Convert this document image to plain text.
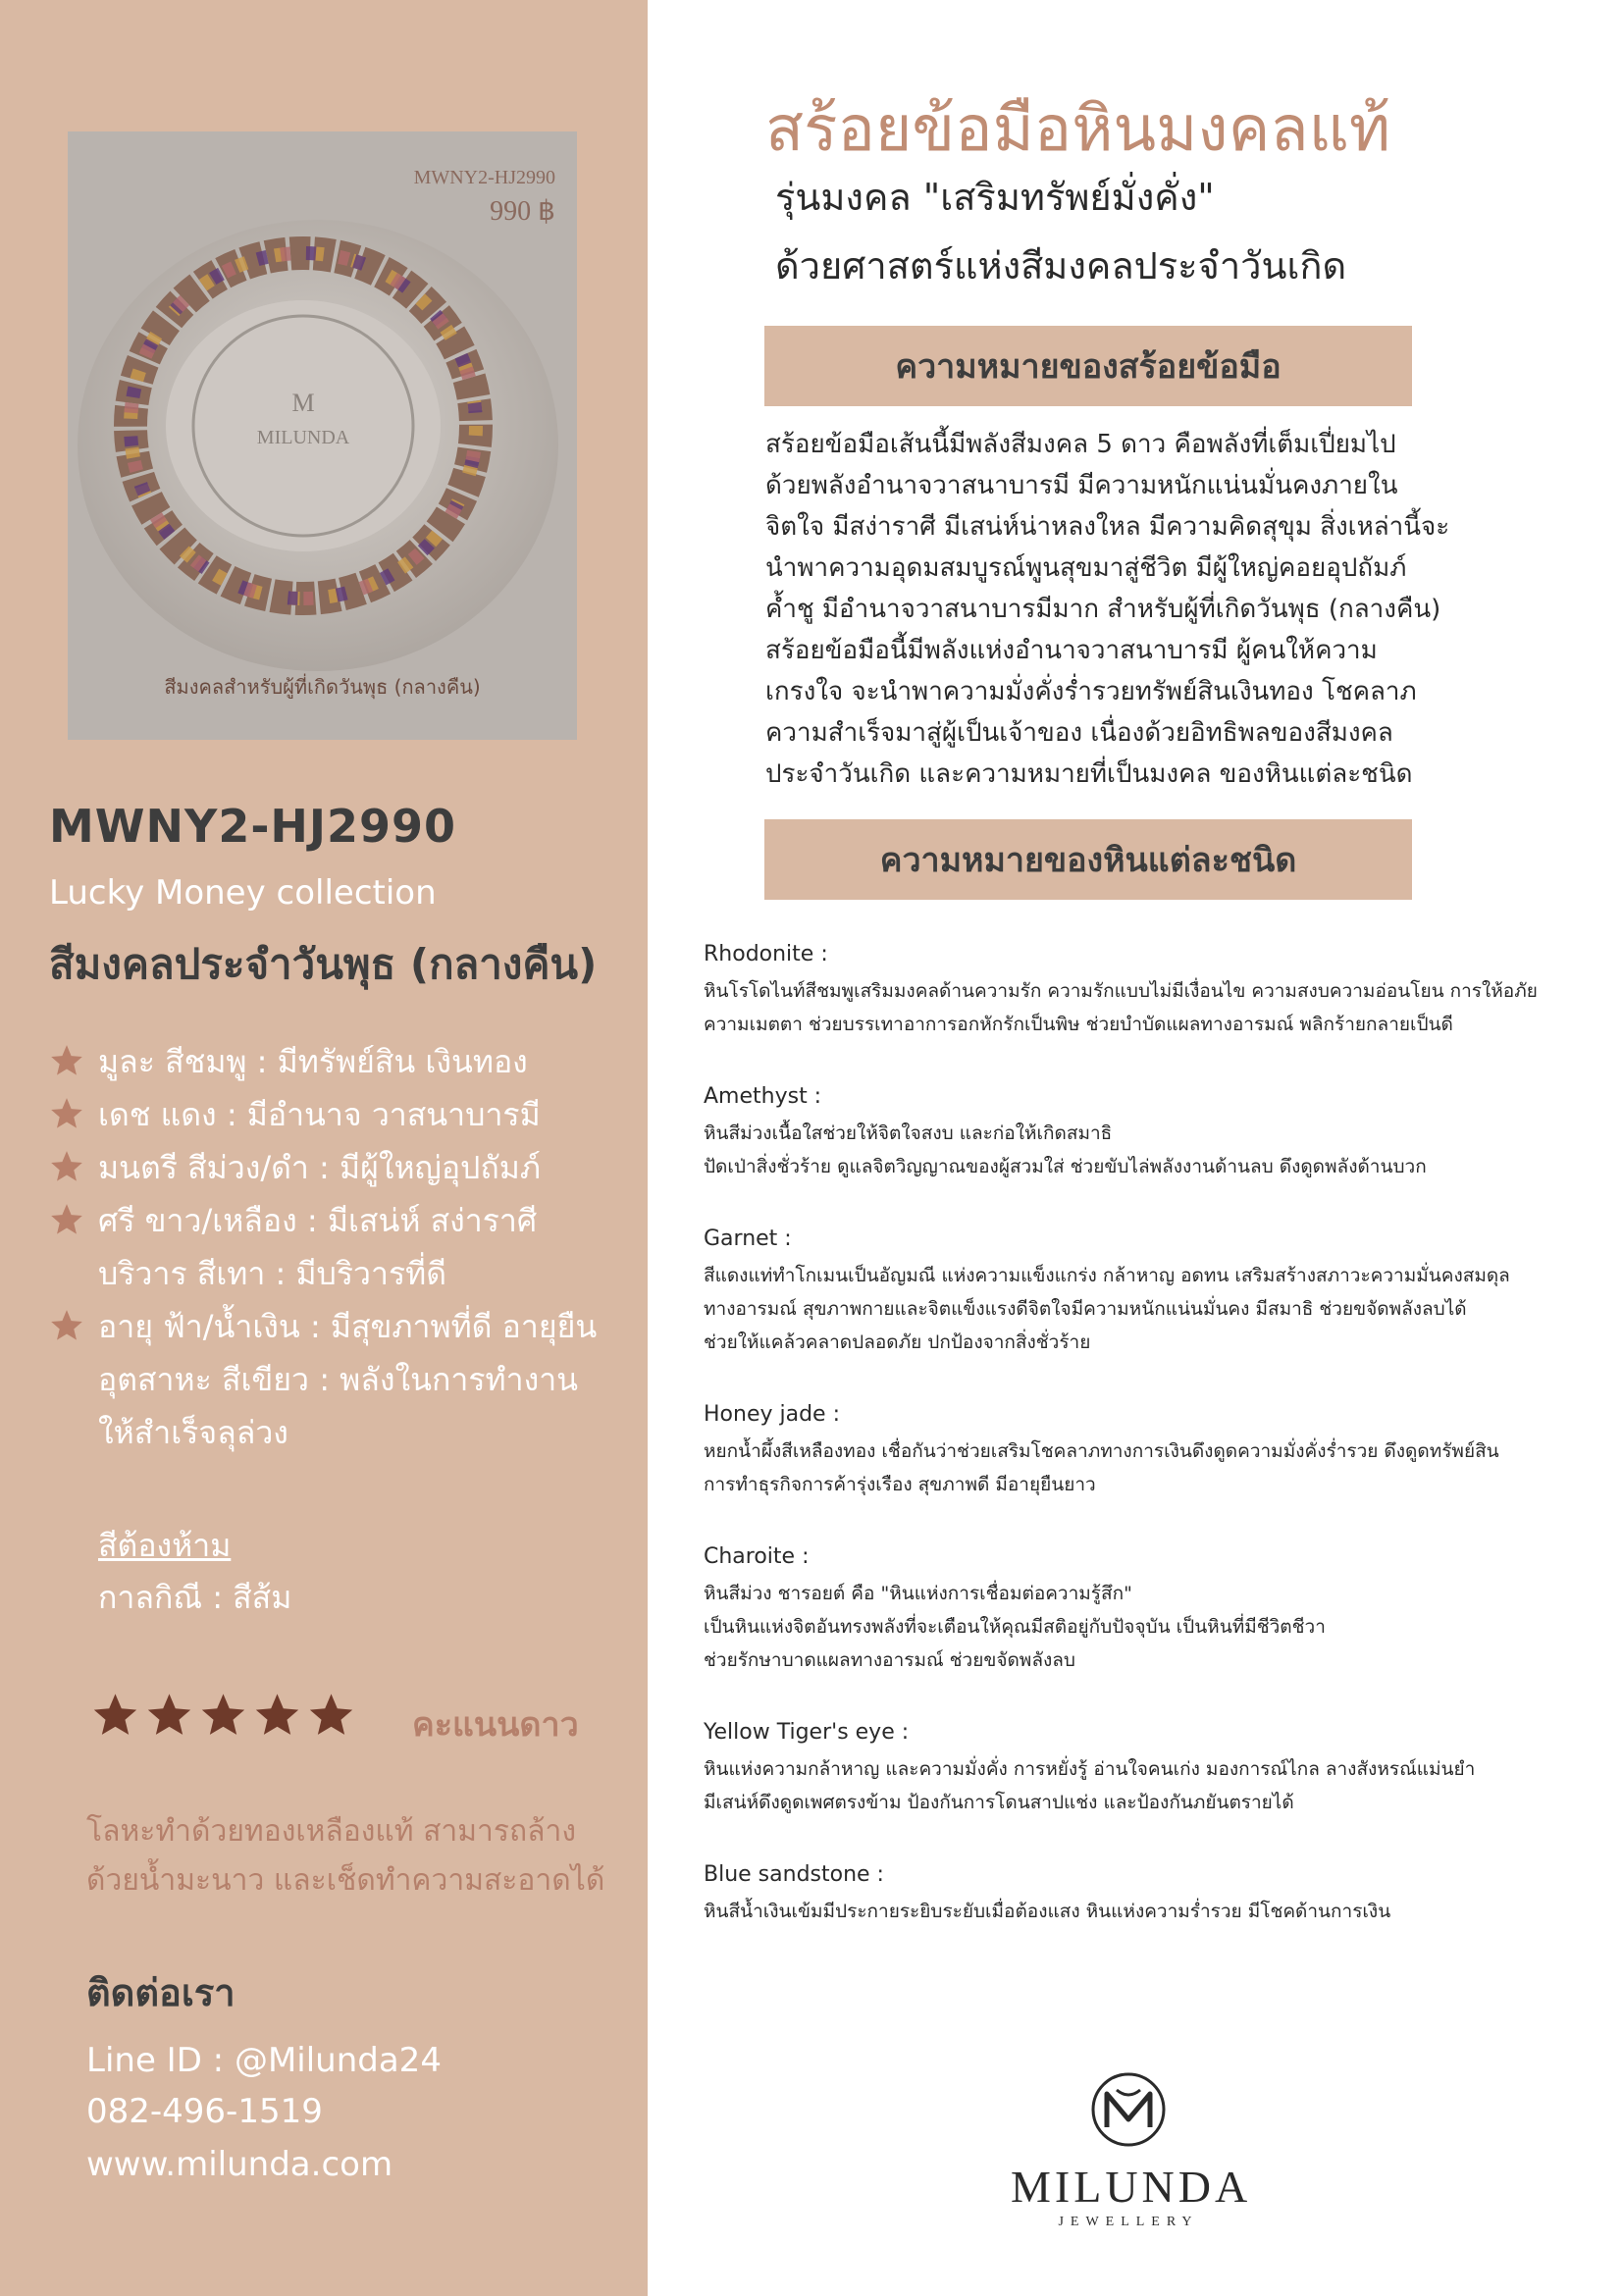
M
MILUNDA
MWNY2-HJ2990
990 ฿
สีมงคลสำหรับผู้ที่เกิดวันพุธ (กลางคืน)
MWNY2-HJ2990
Lucky Money collection
สีมงคลประจำวันพุธ (กลางคืน)
มูละ สีชมพู : มีทรัพย์สิน เงินทอง
เดช แดง : มีอำนาจ วาสนาบารมี
มนตรี สีม่วง/ดำ : มีผู้ใหญ่อุปถัมภ์
ศรี ขาว/เหลือง : มีเสน่ห์ สง่าราศี
บริวาร สีเทา : มีบริวารที่ดี
อายุ ฟ้า/น้ำเงิน : มีสุขภาพที่ดี อายุยืน
อุตสาหะ สีเขียว : พลังในการทำงาน
ให้สำเร็จลุล่วง
สีต้องห้าม
กาลกิณี : สีส้ม
คะแนนดาว
โลหะทำด้วยทองเหลืองแท้ สามารถล้าง
ด้วยน้ำมะนาว และเช็ดทำความสะอาดได้
ติดต่อเรา
Line ID : @Milunda24
082-496-1519
www.milunda.com
สร้อยข้อมือหินมงคลแท้
รุ่นมงคล "เสริมทรัพย์มั่งคั่ง"
ด้วยศาสตร์แห่งสีมงคลประจำวันเกิด
ความหมายของสร้อยข้อมือ
สร้อยข้อมือเส้นนี้มีพลังสีมงคล 5 ดาว คือพลังที่เต็มเปี่ยมไป
ด้วยพลังอำนาจวาสนาบารมี มีความหนักแน่นมั่นคงภายใน
จิตใจ มีสง่าราศี มีเสน่ห์น่าหลงใหล มีความคิดสุขุม สิ่งเหล่านี้จะ
นำพาความอุดมสมบูรณ์พูนสุขมาสู่ชีวิต มีผู้ใหญ่คอยอุปถัมภ์
ค้ำชู มีอำนาจวาสนาบารมีมาก สำหรับผู้ที่เกิดวันพุธ (กลางคืน)
สร้อยข้อมือนี้มีพลังแห่งอำนาจวาสนาบารมี ผู้คนให้ความ
เกรงใจ จะนำพาความมั่งคั่งร่ำรวยทรัพย์สินเงินทอง โชคลาภ
ความสำเร็จมาสู่ผู้เป็นเจ้าของ เนื่องด้วยอิทธิพลของสีมงคล
ประจำวันเกิด และความหมายที่เป็นมงคล ของหินแต่ละชนิด
ความหมายของหินแต่ละชนิด
Rhodonite :
หินโรโดไนท์สีชมพูเสริมมงคลด้านความรัก ความรักแบบไม่มีเงื่อนไข ความสงบความอ่อนโยน การให้อภัย
ความเมตตา ช่วยบรรเทาอาการอกหักรักเป็นพิษ ช่วยบำบัดแผลทางอารมณ์ พลิกร้ายกลายเป็นดี
Amethyst :
หินสีม่วงเนื้อใสช่วยให้จิตใจสงบ และก่อให้เกิดสมาธิ
ปัดเป่าสิ่งชั่วร้าย ดูแลจิตวิญญาณของผู้สวมใส่ ช่วยขับไล่พลังงานด้านลบ ดึงดูดพลังด้านบวก
Garnet :
สีแดงแท่ทำโกเมนเป็นอัญมณี แห่งความแข็งแกร่ง กล้าหาญ อดทน เสริมสร้างสภาวะความมั่นคงสมดุล
ทางอารมณ์ สุขภาพกายและจิตแข็งแรงดีจิตใจมีความหนักแน่นมั่นคง มีสมาธิ ช่วยขจัดพลังลบได้
ช่วยให้แคล้วคลาดปลอดภัย ปกป้องจากสิ่งชั่วร้าย
Honey jade :
หยกน้ำผึ้งสีเหลืองทอง เชื่อกันว่าช่วยเสริมโชคลาภทางการเงินดึงดูดความมั่งคั่งร่ำรวย ดึงดูดทรัพย์สิน
การทำธุรกิจการค้ารุ่งเรือง สุขภาพดี มีอายุยืนยาว
Charoite :
หินสีม่วง ชารอยต์ คือ "หินแห่งการเชื่อมต่อความรู้สึก"
เป็นหินแห่งจิตอันทรงพลังที่จะเตือนให้คุณมีสติอยู่กับปัจจุบัน เป็นหินที่มีชีวิตชีวา
ช่วยรักษาบาดแผลทางอารมณ์ ช่วยขจัดพลังลบ
Yellow Tiger's eye :
หินแห่งความกล้าหาญ และความมั่งคั่ง การหยั่งรู้ อ่านใจคนเก่ง มองการณ์ไกล ลางสังหรณ์แม่นยำ
มีเสน่ห์ดึงดูดเพศตรงข้าม ป้องกันการโดนสาปแช่ง และป้องกันภยันตรายได้
Blue sandstone :
หินสีน้ำเงินเข้มมีประกายระยิบระยับเมื่อต้องแสง หินแห่งความร่ำรวย มีโชคด้านการเงิน
MILUNDA
JEWELLERY
